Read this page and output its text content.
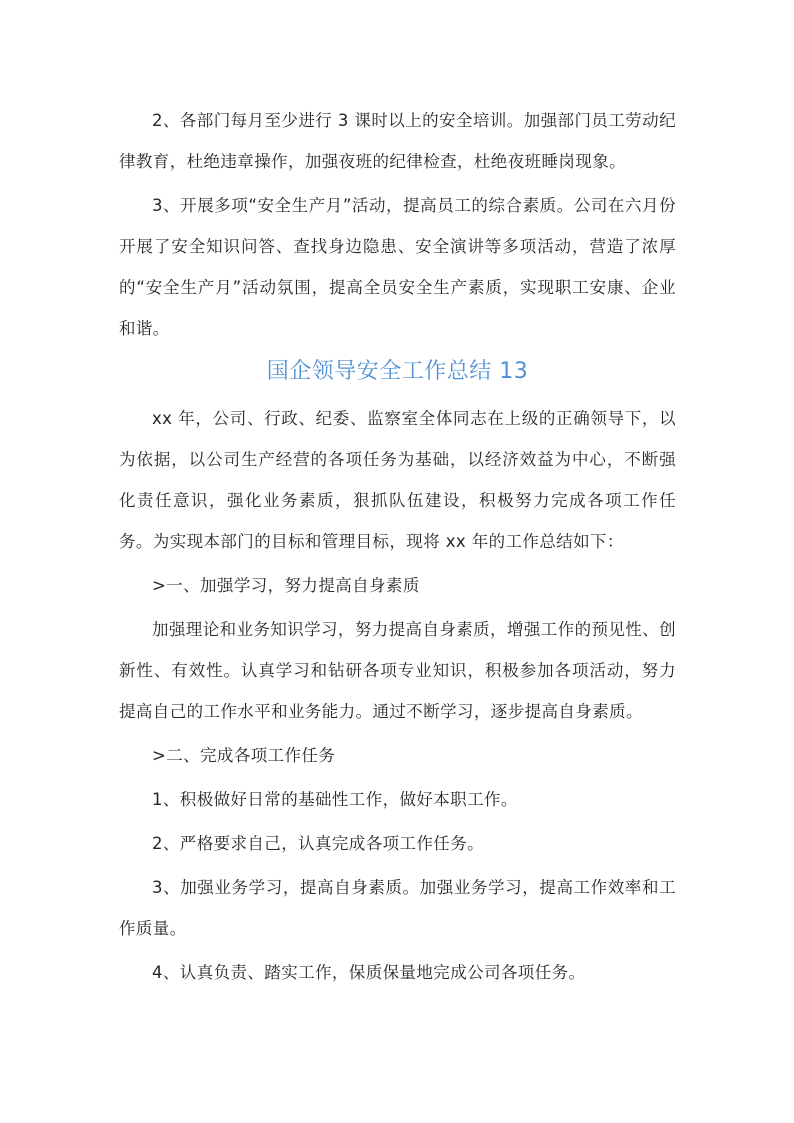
2、各部门每月至少进行 3 课时以上的安全培训。加强部门员工劳动纪律教育，杜绝违章操作，加强夜班的纪律检查，杜绝夜班睡岗现象。

3、开展多项“安全生产月”活动，提高员工的综合素质。公司在六月份开展了安全知识问答、查找身边隐患、安全演讲等多项活动，营造了浓厚的“安全生产月”活动氛围，提高全员安全生产素质，实现职工安康、企业和谐。

国企领导安全工作总结 13

xx 年，公司、行政、纪委、监察室全体同志在上级的正确领导下，以为依据，以公司生产经营的各项任务为基础，以经济效益为中心，不断强化责任意识，强化业务素质，狠抓队伍建设，积极努力完成各项工作任务。为实现本部门的目标和管理目标，现将 xx 年的工作总结如下：

>一、加强学习，努力提高自身素质

加强理论和业务知识学习，努力提高自身素质，增强工作的预见性、创新性、有效性。认真学习和钻研各项专业知识，积极参加各项活动，努力提高自己的工作水平和业务能力。通过不断学习，逐步提高自身素质。

>二、完成各项工作任务

1、积极做好日常的基础性工作，做好本职工作。

2、严格要求自己，认真完成各项工作任务。

3、加强业务学习，提高自身素质。加强业务学习，提高工作效率和工作质量。

4、认真负责、踏实工作，保质保量地完成公司各项任务。
